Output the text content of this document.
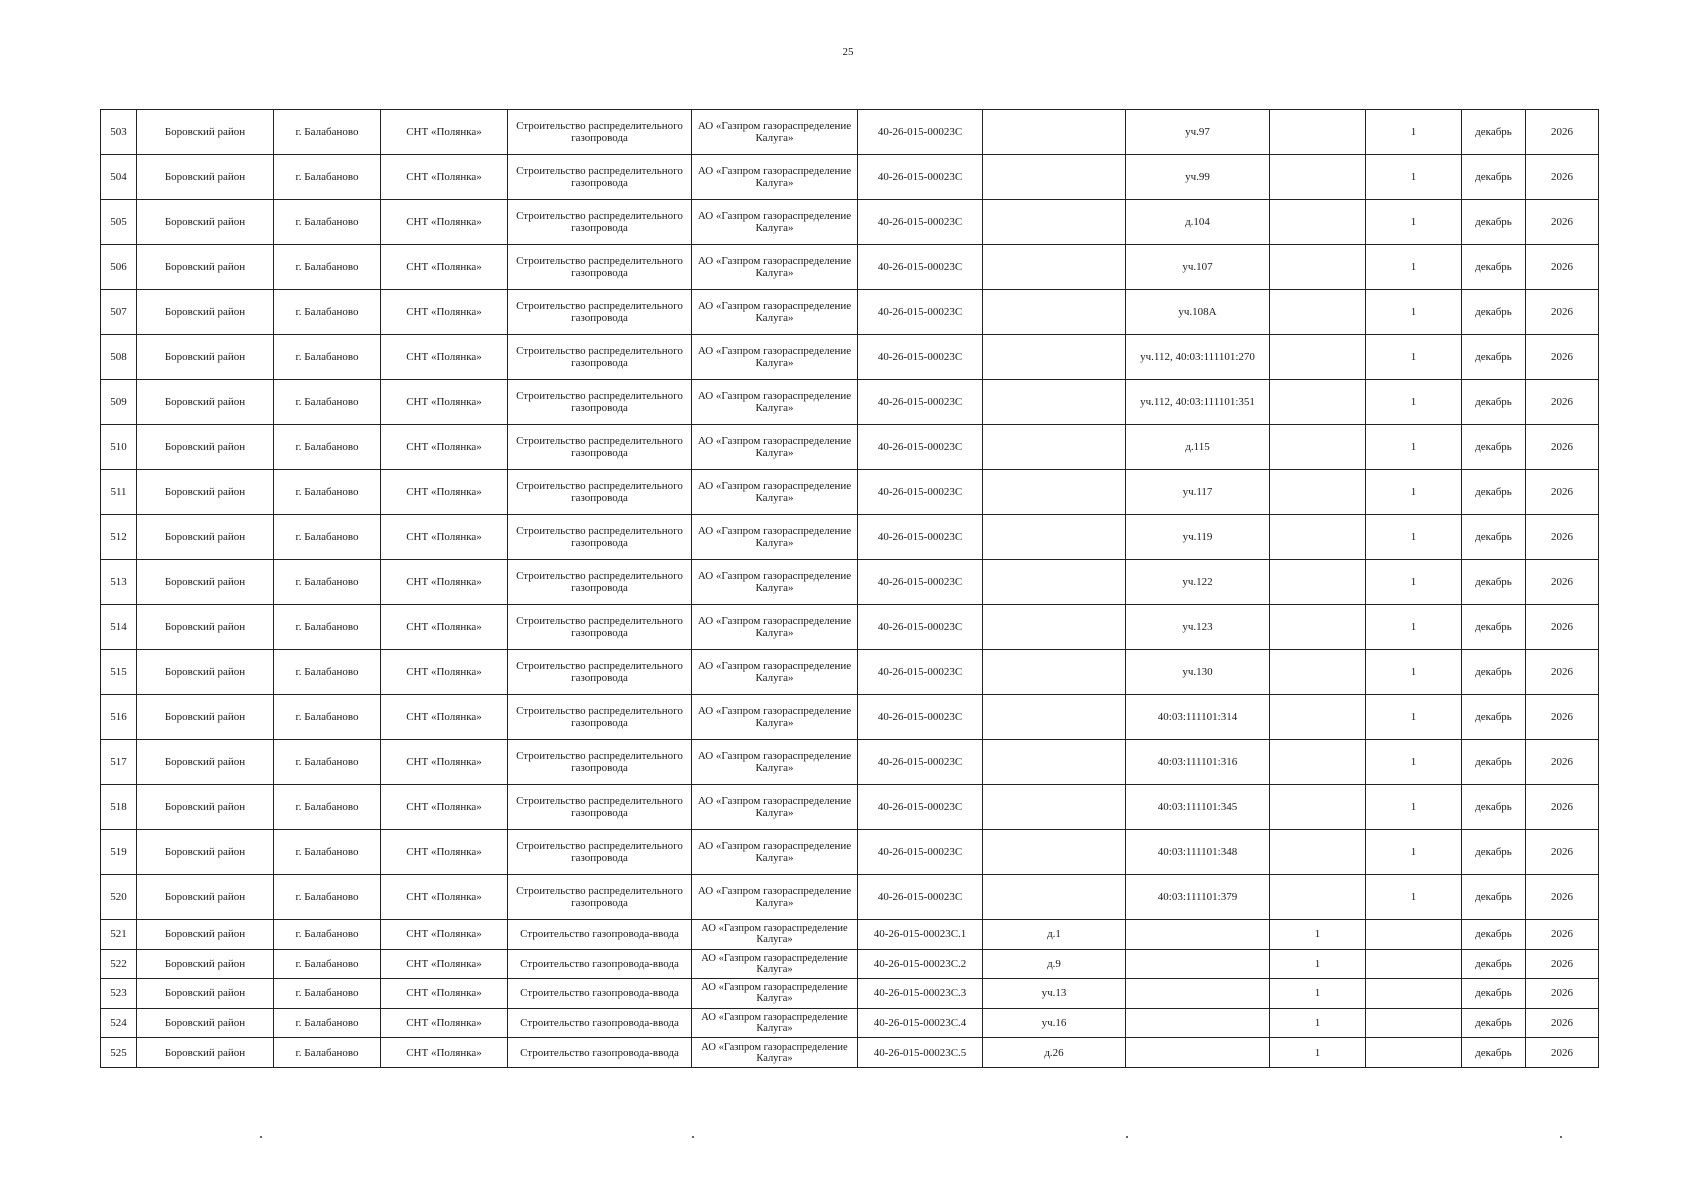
25
503	Боровский район	г. Балабаново	СНТ «Полянка»	Строительство распределительного газопровода	АО «Газпром газораспределение Калуга»	40-26-015-00023С		уч.97		1	декабрь	2026
504	Боровский район	г. Балабаново	СНТ «Полянка»	Строительство распределительного газопровода	АО «Газпром газораспределение Калуга»	40-26-015-00023С		уч.99		1	декабрь	2026
505	Боровский район	г. Балабаново	СНТ «Полянка»	Строительство распределительного газопровода	АО «Газпром газораспределение Калуга»	40-26-015-00023С		д.104		1	декабрь	2026
506	Боровский район	г. Балабаново	СНТ «Полянка»	Строительство распределительного газопровода	АО «Газпром газораспределение Калуга»	40-26-015-00023С		уч.107		1	декабрь	2026
507	Боровский район	г. Балабаново	СНТ «Полянка»	Строительство распределительного газопровода	АО «Газпром газораспределение Калуга»	40-26-015-00023С		уч.108А		1	декабрь	2026
508	Боровский район	г. Балабаново	СНТ «Полянка»	Строительство распределительного газопровода	АО «Газпром газораспределение Калуга»	40-26-015-00023С		уч.112, 40:03:111101:270		1	декабрь	2026
509	Боровский район	г. Балабаново	СНТ «Полянка»	Строительство распределительного газопровода	АО «Газпром газораспределение Калуга»	40-26-015-00023С		уч.112, 40:03:111101:351		1	декабрь	2026
510	Боровский район	г. Балабаново	СНТ «Полянка»	Строительство распределительного газопровода	АО «Газпром газораспределение Калуга»	40-26-015-00023С		д.115		1	декабрь	2026
511	Боровский район	г. Балабаново	СНТ «Полянка»	Строительство распределительного газопровода	АО «Газпром газораспределение Калуга»	40-26-015-00023С		уч.117		1	декабрь	2026
512	Боровский район	г. Балабаново	СНТ «Полянка»	Строительство распределительного газопровода	АО «Газпром газораспределение Калуга»	40-26-015-00023С		уч.119		1	декабрь	2026
513	Боровский район	г. Балабаново	СНТ «Полянка»	Строительство распределительного газопровода	АО «Газпром газораспределение Калуга»	40-26-015-00023С		уч.122		1	декабрь	2026
514	Боровский район	г. Балабаново	СНТ «Полянка»	Строительство распределительного газопровода	АО «Газпром газораспределение Калуга»	40-26-015-00023С		уч.123		1	декабрь	2026
515	Боровский район	г. Балабаново	СНТ «Полянка»	Строительство распределительного газопровода	АО «Газпром газораспределение Калуга»	40-26-015-00023С		уч.130		1	декабрь	2026
516	Боровский район	г. Балабаново	СНТ «Полянка»	Строительство распределительного газопровода	АО «Газпром газораспределение Калуга»	40-26-015-00023С		40:03:111101:314		1	декабрь	2026
517	Боровский район	г. Балабаново	СНТ «Полянка»	Строительство распределительного газопровода	АО «Газпром газораспределение Калуга»	40-26-015-00023С		40:03:111101:316		1	декабрь	2026
518	Боровский район	г. Балабаново	СНТ «Полянка»	Строительство распределительного газопровода	АО «Газпром газораспределение Калуга»	40-26-015-00023С		40:03:111101:345		1	декабрь	2026
519	Боровский район	г. Балабаново	СНТ «Полянка»	Строительство распределительного газопровода	АО «Газпром газораспределение Калуга»	40-26-015-00023С		40:03:111101:348		1	декабрь	2026
520	Боровский район	г. Балабаново	СНТ «Полянка»	Строительство распределительного газопровода	АО «Газпром газораспределение Калуга»	40-26-015-00023С		40:03:111101:379		1	декабрь	2026
521	Боровский район	г. Балабаново	СНТ «Полянка»	Строительство газопровода-ввода	АО «Газпром газораспределение Калуга»	40-26-015-00023С.1	д.1		1		декабрь	2026
522	Боровский район	г. Балабаново	СНТ «Полянка»	Строительство газопровода-ввода	АО «Газпром газораспределение Калуга»	40-26-015-00023С.2	д.9		1		декабрь	2026
523	Боровский район	г. Балабаново	СНТ «Полянка»	Строительство газопровода-ввода	АО «Газпром газораспределение Калуга»	40-26-015-00023С.3	уч.13		1		декабрь	2026
524	Боровский район	г. Балабаново	СНТ «Полянка»	Строительство газопровода-ввода	АО «Газпром газораспределение Калуга»	40-26-015-00023С.4	уч.16		1		декабрь	2026
525	Боровский район	г. Балабаново	СНТ «Полянка»	Строительство газопровода-ввода	АО «Газпром газораспределение Калуга»	40-26-015-00023С.5	д.26		1		декабрь	2026
